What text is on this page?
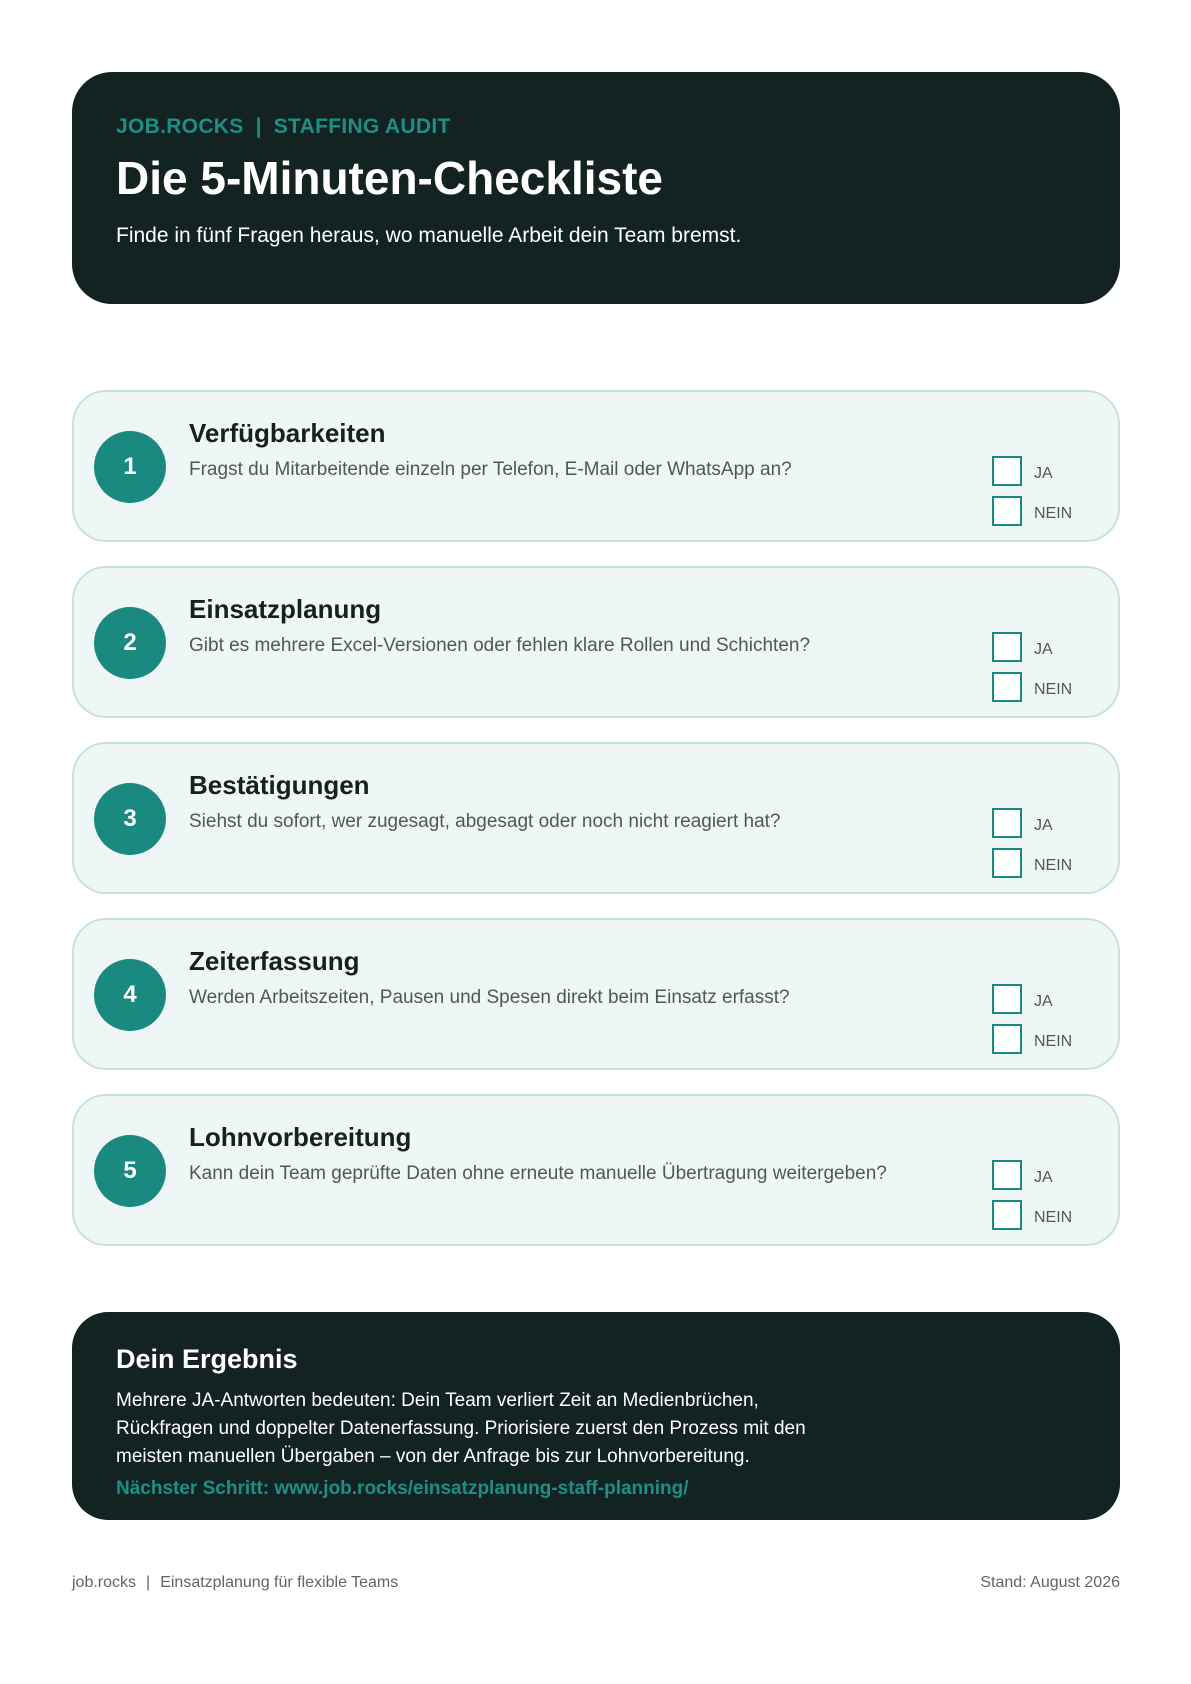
JOB.ROCKS | STAFFING AUDIT
Die 5-Minuten-Checkliste
Finde in fünf Fragen heraus, wo manuelle Arbeit dein Team bremst.
1
Verfügbarkeiten
Fragst du Mitarbeitende einzeln per Telefon, E-Mail oder WhatsApp an?	JA
NEIN
2
Einsatzplanung
Gibt es mehrere Excel-Versionen oder fehlen klare Rollen und Schichten?	JA
NEIN
3
Bestätigungen
Siehst du sofort, wer zugesagt, abgesagt oder noch nicht reagiert hat?	JA
NEIN
4
Zeiterfassung
Werden Arbeitszeiten, Pausen und Spesen direkt beim Einsatz erfasst?	JA
NEIN
5
Lohnvorbereitung
Kann dein Team geprüfte Daten ohne erneute manuelle Übertragung weitergeben?	JA
NEIN
Dein Ergebnis
Mehrere JA-Antworten bedeuten: Dein Team verliert Zeit an Medienbrüchen, Rückfragen und doppelter Datenerfassung. Priorisiere zuerst den Prozess mit den meisten manuellen Übergaben – von der Anfrage bis zur Lohnvorbereitung.
Nächster Schritt: www.job.rocks/einsatzplanung-staff-planning/
job.rocks | Einsatzplanung für flexible Teams	Stand: August 2026
